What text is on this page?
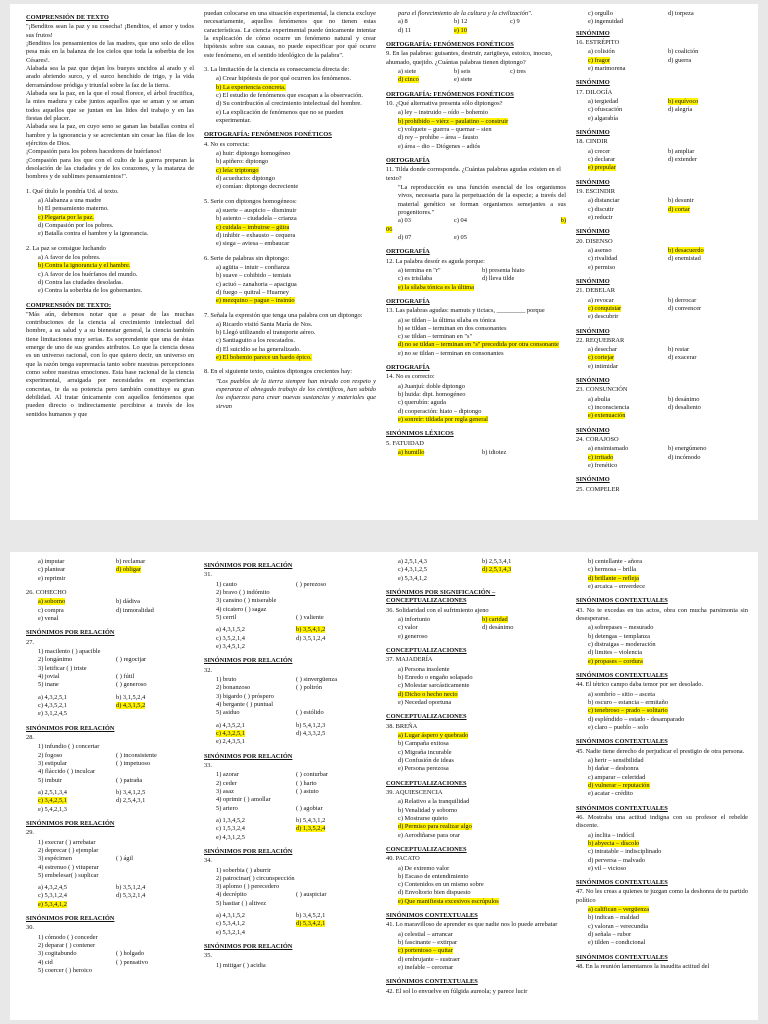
COMPRENSIÓN DE TEXTO
"¡Benditos sean la paz y su cosecha! ¡Benditos, el amor y todos sus frutos!
¡Benditos los pensamientos de las madres, que uno solo de ellos pesa más en la balanza de los cielos que toda la soberbia de los Césares!.
Alabada sea la paz que dejan los bueyes uncidos al arado y el arado abriendo surco, y el surco henchido de trigo, y la vida derramándose pródiga y triunfal sobre la faz de la tierra.
Alabada sea la paz, en la que el rosal florece, el árbol fructifica, la mies madura y cabe juntos aquellos que se aman y se aman todos aquellos que se juntan en las lides del trabajo y en las fiestas del placer.
Alabada sea la paz, en cuyo seno se ganan las batallas contra el hambre y la ignorancia y se acrecientan sin cesar las filas de los ejércitos de Dios.
¡Compasión para los pobres hacedores de huérfanos!
¡Compasión para los que con el culto de la guerra preparan la desolación de las ciudades y de los corazones, y la matanza de hombres y de sublimes pensamientos!".
1. Qué título le pondría Ud. al texto.
a) Alabanza a una madre
b) El pensamiento materno.
c) Plegaria por la paz.
d) Compasión por los pobres.
e) Batalla contra el hambre y la ignorancia.
2. La paz se consigue luchando
a) A favor de los pobres.
b) Contra la ignorancia y el hambre.
c) A favor de los huérfanos del mundo.
d) Contra las ciudades desoladas.
e) Contra la soberbia de los gobernantes.
COMPRENSIÓN DE TEXTO:
"Más aún, debemos notar que a pesar de las muchas contribuciones de la ciencia al crecimiento intelectual del hombre, a su salud y a su bienestar general, la ciencia también tiene limitaciones muy serias. Es sorprendente que una de éstas emerge de uno de sus grandes atributos. Lo que la ciencia desea es un universo racional, con lo que quiero decir, un universo en que la razón tenga supremacía tanto sobre nuestras percepciones como sobre nuestras emociones. Esta base racional de la ciencia experimental, arraigada por necesidades en experiencias concretas, te da su potencia pero también constituye su gran debilidad. Al tratar únicamente con aquellos fenómenos que pueden directo o indirectamente percibirse a través de los sentidos humanos y que
puedan colocarse en una situación experimental, la ciencia excluye necesariamente, aquellos fenómenos que no tienen estas características. La ciencia experimental puede únicamente intentar la explicación de cómo ocurre un fenómeno natural y crear hipótesis sobre sus causas, no puede especificar por qué ocurre este fenómeno, en el sentido ideológico de la palabra".
3. La limitación de la ciencia es consecuencia directa de:
a) Crear hipótesis de por qué ocurren los fenómenos.
b) La experiencia concreta.
c) El estudio de fenómenos que escapan a la observación.
d) Su contribución al crecimiento intelectual del hombre.
e) La explicación de fenómenos que no se pueden experimentar.
ORTOGRAFÍA: FENÓMENOS FONÉTICOS
4. No es correcta:
a) huir: diptongo homogéneo
b) apiñero: diptongo
c) leía: triptongo
d) acueducto: diptongo
e) comían: diptongo decreciente
5. Serie con diptongos homogéneos:
a) suerte – auspicio – disminuir
b) asiento – ciudadela – crianza
c) cuidala – imbuirse – güira
d) inhibir – exhausto – cequera
e) siega – aviesa – embaucar
6. Serie de palabras sin diptongo:
a) agüita – intuir – confianza
b) suave – cohibido – temiais
c) actuó – zanahoria – apacigua
d) fuego – quitral – Huarney
e) mezquino – pague – insinúo
7. Señala la expresión que tenga una palabra con un diptongo:
a) Ricardo visitó Santa María de Nos.
b) Llegó utilizando el transporte aéreo.
c) Santiaguito a los rescatados.
d) El suicidio se ha generalizado.
e) El bohemio parece un bardo épico.
8. En el siguiente texto, cuántos diptongos crecientes hay:
"Los pueblos de la tierra siempre han mirado con respeto y esperanza el abnegado trabajo de los científicos, han sabido los esfuerzos para crear nuevas sustancias y materiales que sirvan
para el florecimiento de la cultura y la civilización".
a) 8	b) 12	c) 9
d) 11	e) 10
ORTOGRAFÍA: FENÓMENOS FONÉTICOS
9. En las palabras: guisantes, destruir, zarigüeya, estoico, inocuo, ahumado, quejido. ¿Cuántas palabras tienen diptongo?
a) siete	b) seis	c) tres
d) cinco	e) siete
ORTOGRAFÍA: FENÓMENOS FONÉTICOS
10. ¿Qué alternativa presenta sólo diptongos?
a) ley – instruido – oído – bohemio
b) prohibido – viérz – paulatino – construir
c) volquete – guerra – quemar – sien
d) rey – prohíbe – área – fausto
e) área – dio – Diógenes – adiós
ORTOGRAFÍA
11. Tilda donde corresponda. ¿Cuántas palabras agudas existen en el texto?
"La reproducción es una función esencial de los organismos vivos, necesaria para la perpetuación de la especie; a través del material genético se forman organismos semejantes a sus progenitores."
a) 03	c) 04	b)
06
d) 07	e) 05
ORTOGRAFÍA
12. La palabra desoír es aguda porque:
a) termina en "r"	b) presenta hiato
c) es trisílaba	d) lleva tilde
e) la sílaba tónica es la última
ORTOGRAFÍA
13. Las palabras agudas: mamuts y tictacs, _________ porque
a) se tildan – la última sílaba es tónica
b) se tildan – terminan en dos consonantes
c) se tildan – terminan en "s"
d) no se tildan – terminan en "s" precedida por otra consonante
e) no se tildan – terminan en consonantes
ORTOGRAFÍA
14. No es correcto:
a) Juanjuí: doble diptongo
b) huida: dipt. homogéneo
c) querubín: aguda
d) cooperación: hiato – diptongo
e) sonreír: tildada por regla general
SINÓNIMOS LÉXICOS
5. FATUIDAD
a) humillo	b) idiotez
c) orgullo	d) torpeza
e) ingenuidad
SINÓNIMO
16. ESTRÉPITO
a) colisión	b) coalición
c) fragor	d) guerra
e) marimorena
SINÓNIMO
17. DILOGÍA
a) tergiedad	b) equívoco
c) ofuscación	d) alegría
e) algarabía
SINÓNIMO
18. CINDIR
a) crecer	b) ampliar
c) declarar	d) extender
e) prepular
SINÓNIMO
19. ESCINDIR
a) distanciar	b) desunir
c) discutir	d) cortar
e) reducir
SINÓNIMO
20. DISENSO
a) asenso	b) desacuerdo
c) rivalidad	d) enemistad
e) permiso
SINÓNIMO
21. DEBELAR
a) revocar	b) derrocar
c) conquistar	d) convencer
e) descubrir
SINÓNIMO
22. REQUEBRAR
a) desechar	b) restar
c) cortejar	d) exacerar
e) intimidar
SINÓNIMO
23. CONSUNCIÓN
a) abulia	b) desánimo
c) inconsciencia	d) desaliento
e) extenuación
SINÓNIMO
24. CORAJOSO
a) ensimismado	b) energúmeno
c) irritado	d) incómodo
e) frenético
SINÓNIMO
25. COMPELER
a) imputar	b) reclamar
c) plantear	d) obligar
e) reprimir
26. COHECHO
a) soborno	b) dádiva
c) compra	d) inmoralidad
e) venal
SINÓNIMOS POR RELACIÓN
27.
1) macilento ( ) apacible
2) longánimo	( ) regocijar
3) letificar ( ) triste
4) jovial	( ) fútil
5) inane	( ) generoso
a) 4,3,2,5,1	b) 3,1,5,2,4
c) 4,3,5,2,1	d) 4,3,1,5,2
e) 3,1,2,4,5
SINÓNIMOS POR RELACIÓN
28.
1) infundio ( ) concertar
2) fogoso	( ) inconsistente
3) estipular	( ) impetuoso
4) fláccido ( ) inculcar
5) imbuir	( ) patraña
a) 2,5,1,3,4	b) 3,4,1,2,5
c) 3,4,2,5,1	d) 2,5,4,3,1
e) 5,4,2,1,3
SINÓNIMOS POR RELACIÓN
29.
1) execrar ( ) arrebatar
2) deprecar ( ) ejemplar
3) espécimen	( ) ágil
4) estrenuo ( ) vituperar
5) embelesar( ) suplicar
a) 4,3,2,4,5	b) 3,5,1,2,4
c) 5,3,1,2,4	d) 5,3,2,1,4
e) 5,3,4,1,2
SINÓNIMOS POR RELACIÓN
30.
1) cómodo ( ) conceder
2) deparar ( ) contener
3) cogitabundo	( ) holgado
4) cid	( ) pensativo
5) coercer ( ) heroico
SINÓNIMOS POR RELACIÓN
31.
1) cauto	( ) perezoso
2) bravo ( ) indómito
3) cansino ( ) miserable
4) cicatero ( ) sagaz
5) cerril	( ) valiente
a) 4,3,1,5,2	b) 3,5,4,1,2
c) 3,5,2,1,4	d) 3,5,1,2,4
e) 3,4,5,1,2
SINÓNIMOS POR RELACIÓN
32.
1) bruto	( ) sinvergüenza
2) bonanzoso	( ) poltrón
3) bigardo ( ) próspero
4) bergante ( ) puntual
5) asiduo	( ) estólido
a) 4,3,5,2,1	b) 5,4,1,2,3
c) 4,3,2,5,1	d) 4,3,3,2,5
e) 2,4,3,5,1
SINÓNIMOS POR RELACIÓN
33.
1) azorar	( ) conturbar
2) ceder	( ) harto
3) asaz	( ) astuto
4) oprimir ( ) amollar
5) artero	( ) agobiar
a) 1,3,4,5,2	b) 5,4,3,1,2
c) 1,5,3,2,4	d) 1,3,5,2,4
e) 4,3,1,2,5
SINÓNIMOS POR RELACIÓN
34.
1) soberbia ( ) aburrir
2) patrocinar( ) circunspección
3) aplomo ( ) perecedero
4) decrépito	( ) auspiciar
5) hastiar ( ) altivez
a) 4,3,1,5,2	b) 3,4,5,2,1
c) 5,3,4,1,2	d) 5,3,4,2,1
e) 5,3,2,1,4
SINÓNIMOS POR RELACIÓN
35.
1) mitigar ( ) acidia
a) 2,5,1,4,3	b) 2,5,3,4,1
c) 4,3,1,2,5	d) 2,5,1,4,3
e) 5,3,4,1,2
SINÓNIMOS POR SIGNIFICACIÓN – CONCEPTUALIZACIONES
36. Solidaridad con el sufrimiento ajeno
a) infortunio	b) caridad
c) valor	d) desánimo
e) generoso
CONCEPTUALIZACIONES
37. MAJADERÍA
a) Persona insolente
b) Enredo o engaño solapado
c) Molestar sarcásticamente
d) Dicho o hecho necio
e) Necedad oportuna
CONCEPTUALIZACIONES
38. BREÑA
a) Lugar áspero y quebrado
b) Campaña exitosa
c) Migraña incurable
d) Confusión de ideas
e) Persona perezosa
CONCEPTUALIZACIONES
39. AQUIESCENCIA
a) Relativo a la tranquilidad
b) Venalidad y soborno
c) Mostrarse quieto
d) Permiso para realizar algo
e) Aerodiñarse para orar
CONCEPTUALIZACIONES
40. PACATO
a) De extremo valor
b) Escaso de entendimiento
c) Contenidos en un mismo sobre
d) Envoltorio bien dispuesto
e) Que manifiesta excesivos escrúpulos
SINÓNIMOS CONTEXTUALES
41. Lo maravilloso de aprender es que nadie nos lo puede arrebatar
a) celestial – arrancar
b) fascinante – extirpar
c) portentoso – quitar
d) embrujante – sustraer
e) inefable – cercenar
SINÓNIMOS CONTEXTUALES
42. El sol lo envuelve en fúlgida aureola; y parece lucir
b) centellante - añora
c) hermosa – brilla
d) brillante – refleja
e) arcaica – enverdece
SINÓNIMOS CONTEXTUALES
43. No te excedas en tus actos, obra con mucha parsimonia sin desesperarse.
a) sobrepases – mesurado
b) detengas – templanza
c) distraigas – moderación
d) limites – violencia
e) propases – cordura
SINÓNIMOS CONTEXTUALES
44. El tétrico campo daba temor por ser desolado.
a) sombrío – sitio – asceta
b) oscuro – estancia – ermitaño
c) tenebroso – prado – solitario
d) espléndido – estado - desamparado
e) claro – pueblo – solo
SINÓNIMOS CONTEXTUALES
45. Nadie tiene derecho de perjudicar el prestigio de otra persona.
a) herir – sensibilidad
b) dañar – deshonra
c) amparar – celeridad
d) vulnerar – reputación
e) acatar - crédito
SINÓNIMOS CONTEXTUALES
46. Mostraba una actitud indigna con su profesor el rebelde discente.
a) ínclita – indócil
b) abyecta – díscolo
c) intratable – indisciplinado
d) perversa – malvado
e) vil – vicioso
SINÓNIMOS CONTEXTUALES
47. No les creas a quienes te juzgan como la deshonra de tu partido político
a) califican – vergüenza
b) indican – maldad
c) valoran – verecundia
d) señala – rubor
e) tilden – condicional
SINÓNIMOS CONTEXTUALES
48. En la reunión lamentamos la inaudita actitud del
